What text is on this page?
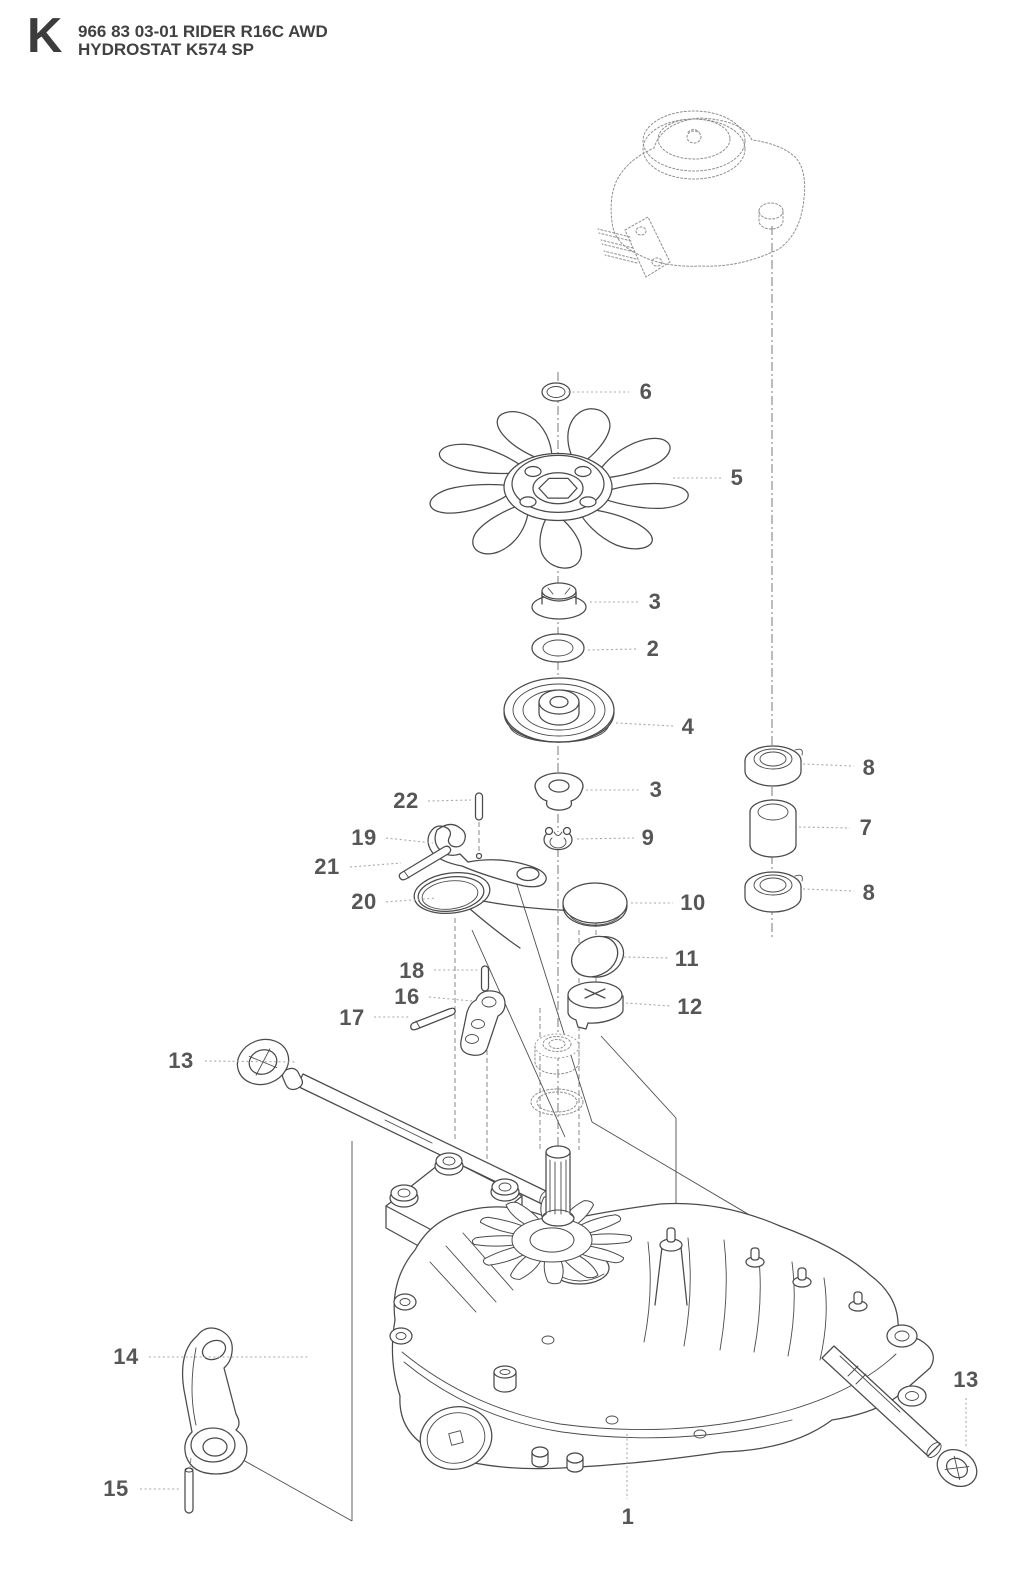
K 966 83 03-01 RIDER R16C AWD
HYDROSTAT K574 SP
6
5
3
2
4
3
9
8
7
8
22
19
21
20	10
11
12
18
16
17
13
14
15
13
1
